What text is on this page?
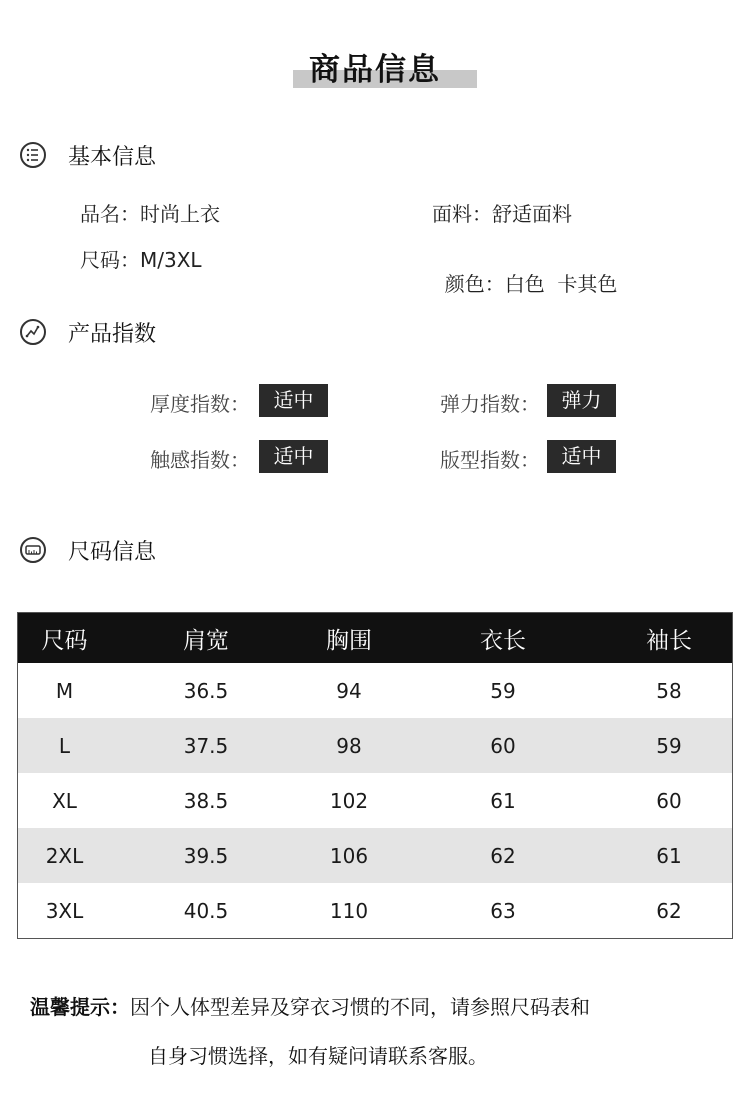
商品信息
基本信息
品名：时尚上衣
尺码：M/3XL
面料：舒适面料

颜色：白色  卡其色

产品指数
厚度指数：	适中	弹力指数：	弹力
触感指数：	适中	版型指数：	适中
尺码信息
尺码	肩宽	胸围	衣长	袖长
M	36.5	94	59	58
L	37.5	98	60	59
XL	38.5	102	61	60
2XL	39.5	106	62	61
3XL	40.5	110	63	62
温馨提示：因个人体型差异及穿衣习惯的不同，请参照尺码表和
自身习惯选择，如有疑问请联系客服。
